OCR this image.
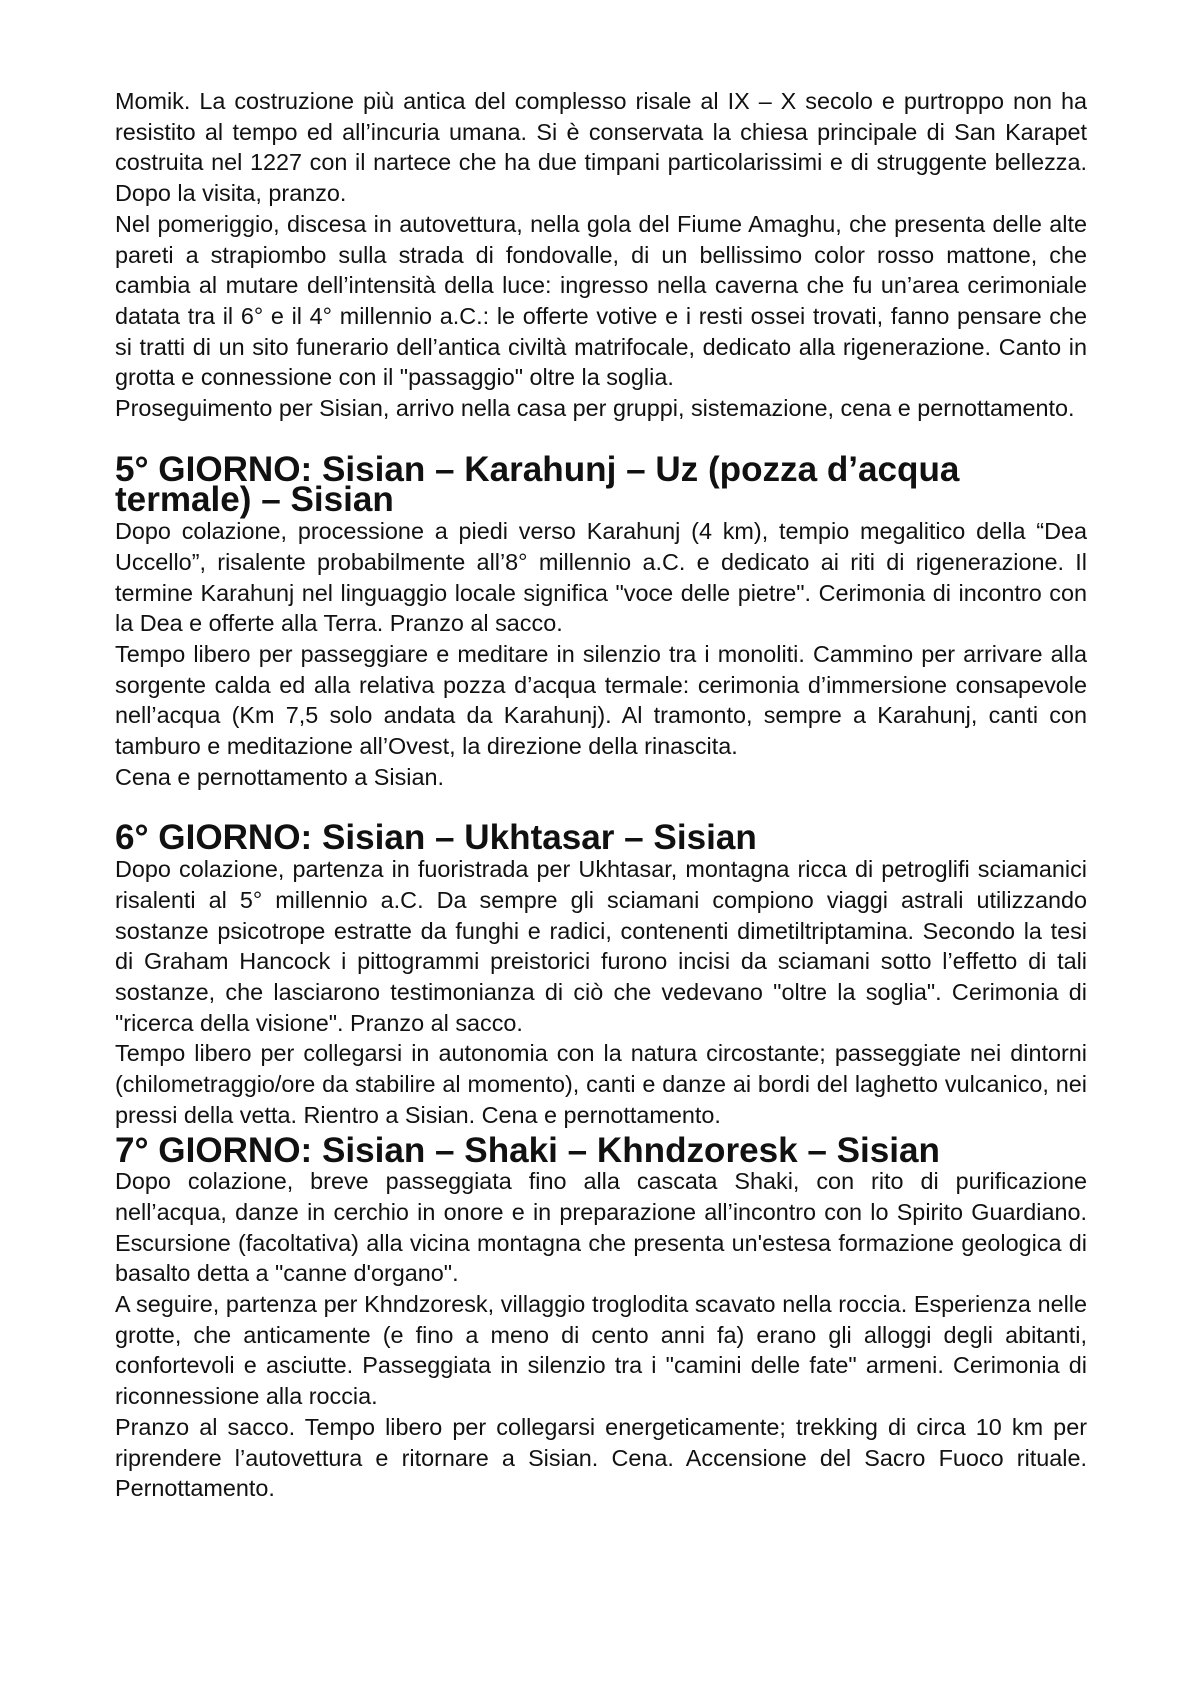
Momik. La costruzione più antica del complesso risale al IX – X secolo e purtroppo non ha resistito al tempo ed all’incuria umana. Si è conservata la chiesa principale di San Karapet costruita nel 1227 con il nartece che ha due timpani particolarissimi e di struggente bellezza. Dopo la visita, pranzo.

Nel pomeriggio, discesa in autovettura, nella gola del Fiume Amaghu, che presenta delle alte pareti a strapiombo sulla strada di fondovalle, di un bellissimo color rosso mattone, che cambia al mutare dell’intensità della luce: ingresso nella caverna che fu un’area cerimoniale datata tra il 6° e il 4° millennio a.C.: le offerte votive e i resti ossei trovati, fanno pensare che si tratti di un sito funerario dell’antica civiltà matrifocale, dedicato alla rigenerazione. Canto in grotta e connessione con il "passaggio" oltre la soglia.

Proseguimento per Sisian, arrivo nella casa per gruppi, sistemazione, cena e pernottamento.

5° GIORNO: Sisian – Karahunj – Uz (pozza d’acqua termale) – Sisian

Dopo colazione, processione a piedi verso Karahunj (4 km), tempio megalitico della “Dea Uccello”, risalente probabilmente all’8° millennio a.C. e dedicato ai riti di rigenerazione. Il termine Karahunj nel linguaggio locale significa "voce delle pietre". Cerimonia di incontro con la Dea e offerte alla Terra. Pranzo al sacco.

Tempo libero per passeggiare e meditare in silenzio tra i monoliti. Cammino per arrivare alla sorgente calda ed alla relativa pozza d’acqua termale: cerimonia d’immersione consapevole nell’acqua (Km 7,5 solo andata da Karahunj). Al tramonto, sempre a Karahunj, canti con tamburo e meditazione all’Ovest, la direzione della rinascita.

Cena e pernottamento a Sisian.

6° GIORNO: Sisian – Ukhtasar – Sisian

Dopo colazione, partenza in fuoristrada per Ukhtasar, montagna ricca di petroglifi sciamanici risalenti al 5° millennio a.C. Da sempre gli sciamani compiono viaggi astrali utilizzando sostanze psicotrope estratte da funghi e radici, contenenti dimetiltriptamina. Secondo la tesi di Graham Hancock i pittogrammi preistorici furono incisi da sciamani sotto l’effetto di tali sostanze, che lasciarono testimonianza di ciò che vedevano "oltre la soglia". Cerimonia di "ricerca della visione". Pranzo al sacco.

Tempo libero per collegarsi in autonomia con la natura circostante; passeggiate nei dintorni (chilometraggio/ore da stabilire al momento), canti e danze ai bordi del laghetto vulcanico, nei pressi della vetta. Rientro a Sisian. Cena e pernottamento.

7° GIORNO: Sisian – Shaki – Khndzoresk – Sisian

Dopo colazione, breve passeggiata fino alla cascata Shaki, con rito di purificazione nell’acqua, danze in cerchio in onore e in preparazione all’incontro con lo Spirito Guardiano. Escursione (facoltativa) alla vicina montagna che presenta un'estesa formazione geologica di basalto detta a "canne d'organo".

A seguire, partenza per Khndzoresk, villaggio troglodita scavato nella roccia. Esperienza nelle grotte, che anticamente (e fino a meno di cento anni fa) erano gli alloggi degli abitanti, confortevoli e asciutte. Passeggiata in silenzio tra i "camini delle fate" armeni. Cerimonia di riconnessione alla roccia.

Pranzo al sacco. Tempo libero per collegarsi energeticamente; trekking di circa 10 km per riprendere l’autovettura e ritornare a Sisian. Cena. Accensione del Sacro Fuoco rituale. Pernottamento.
